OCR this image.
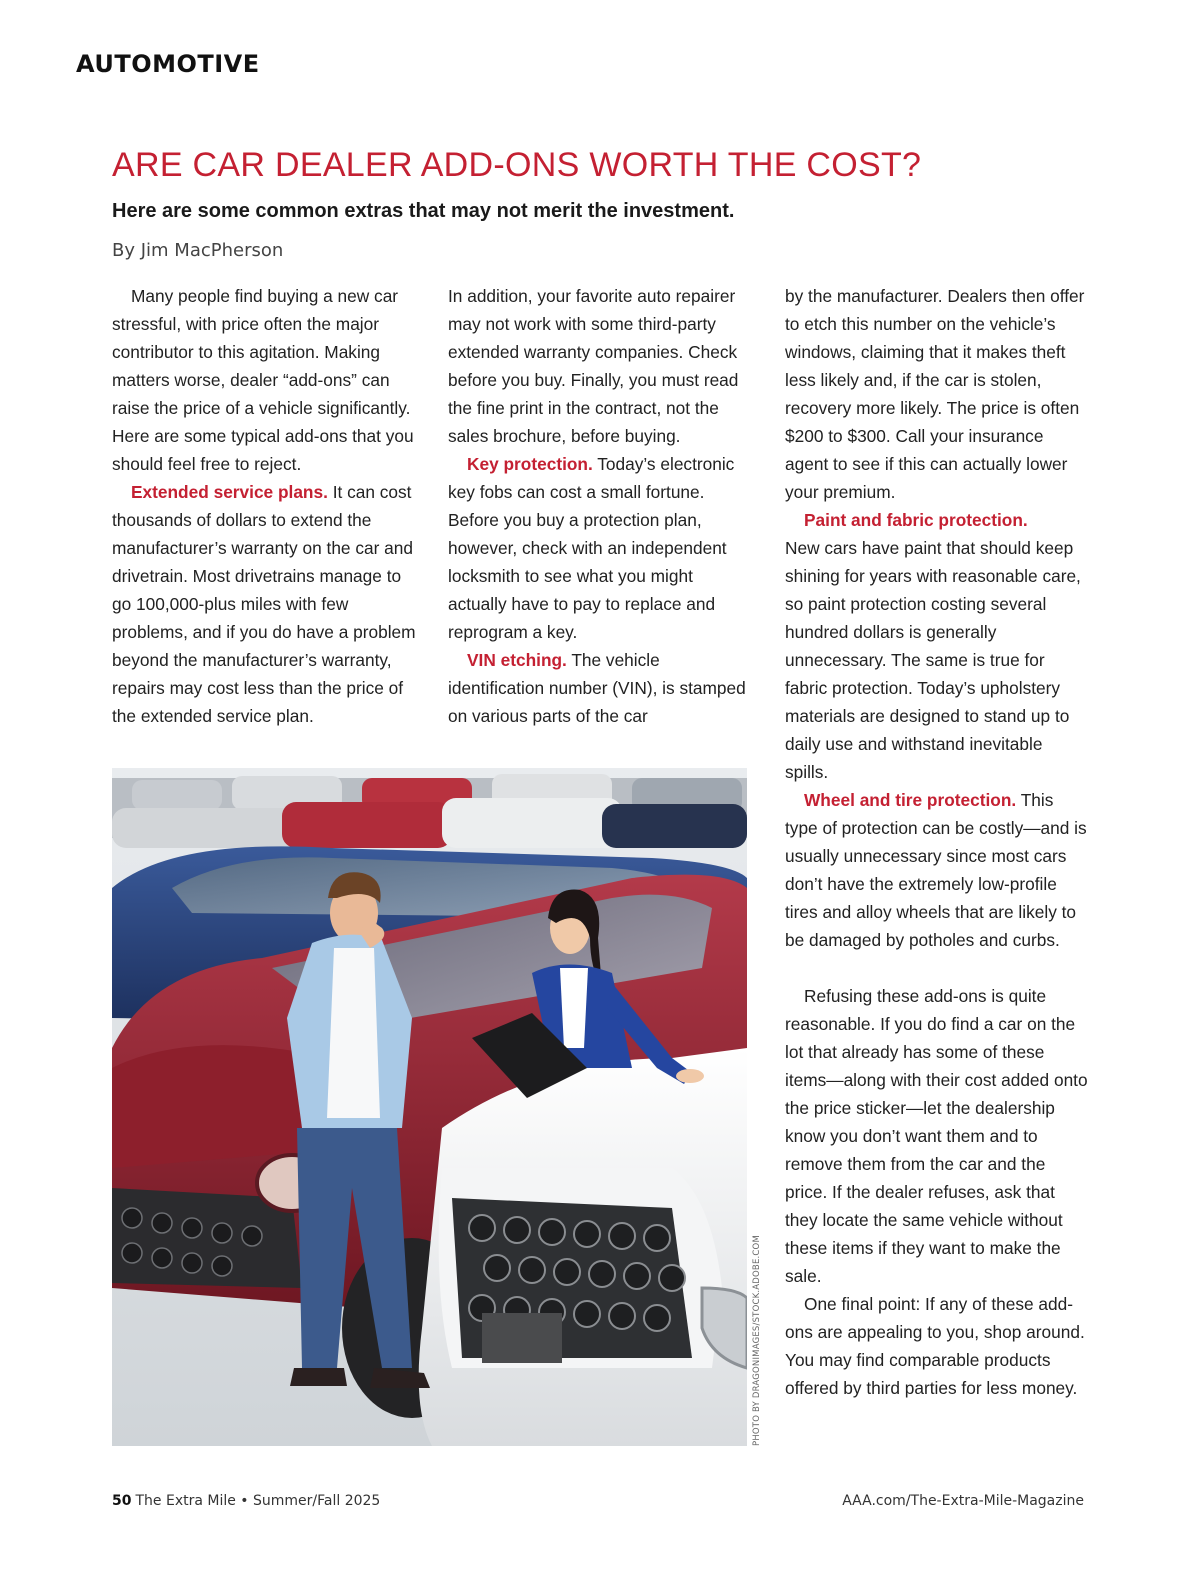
AUTOMOTIVE
ARE CAR DEALER ADD-ONS WORTH THE COST?

Here are some common extras that may not merit the investment.

By Jim MacPherson

Many people find buying a new car stressful, with price often the major contributor to this agitation. Making matters worse, dealer “add-ons” can raise the price of a vehicle significantly. Here are some typical add-ons that you should feel free to reject.

Extended service plans. It can cost thousands of dollars to extend the manufacturer’s warranty on the car and drivetrain. Most drivetrains manage to go 100,000-plus miles with few problems, and if you do have a problem beyond the manufacturer’s warranty, repairs may cost less than the price of the extended service plan.

In addition, your favorite auto repairer may not work with some third-party extended warranty companies. Check before you buy. Finally, you must read the fine print in the contract, not the sales brochure, before buying.

Key protection. Today’s electronic key fobs can cost a small fortune. Before you buy a protection plan, however, check with an independent locksmith to see what you might actually have to pay to replace and reprogram a key.

VIN etching. The vehicle identification number (VIN), is stamped on various parts of the car

by the manufacturer. Dealers then offer to etch this number on the vehicle’s windows, claiming that it makes theft less likely and, if the car is stolen, recovery more likely. The price is often $200 to $300. Call your insurance agent to see if this can actually lower your premium.

Paint and fabric protection.

New cars have paint that should keep shining for years with reasonable care, so paint protection costing several hundred dollars is generally unnecessary. The same is true for fabric protection. Today’s upholstery materials are designed to stand up to daily use and withstand inevitable spills.

Wheel and tire protection. This type of protection can be costly—and is usually unnecessary since most cars don’t have the extremely low-profile tires and alloy wheels that are likely to be damaged by potholes and curbs.

Refusing these add-ons is quite reasonable. If you do find a car on the lot that already has some of these items—along with their cost added onto the price sticker—let the dealership know you don’t want them and to remove them from the car and the price. If the dealer refuses, ask that they locate the same vehicle without these items if they want to make the sale.

One final point: If any of these add-ons are appealing to you, shop around. You may find comparable products offered by third parties for less money.

PHOTO BY DRAGONIMAGES/STOCK.ADOBE.COM
50 The Extra Mile • Summer/Fall 2025	AAA.com/The-Extra-Mile-Magazine
